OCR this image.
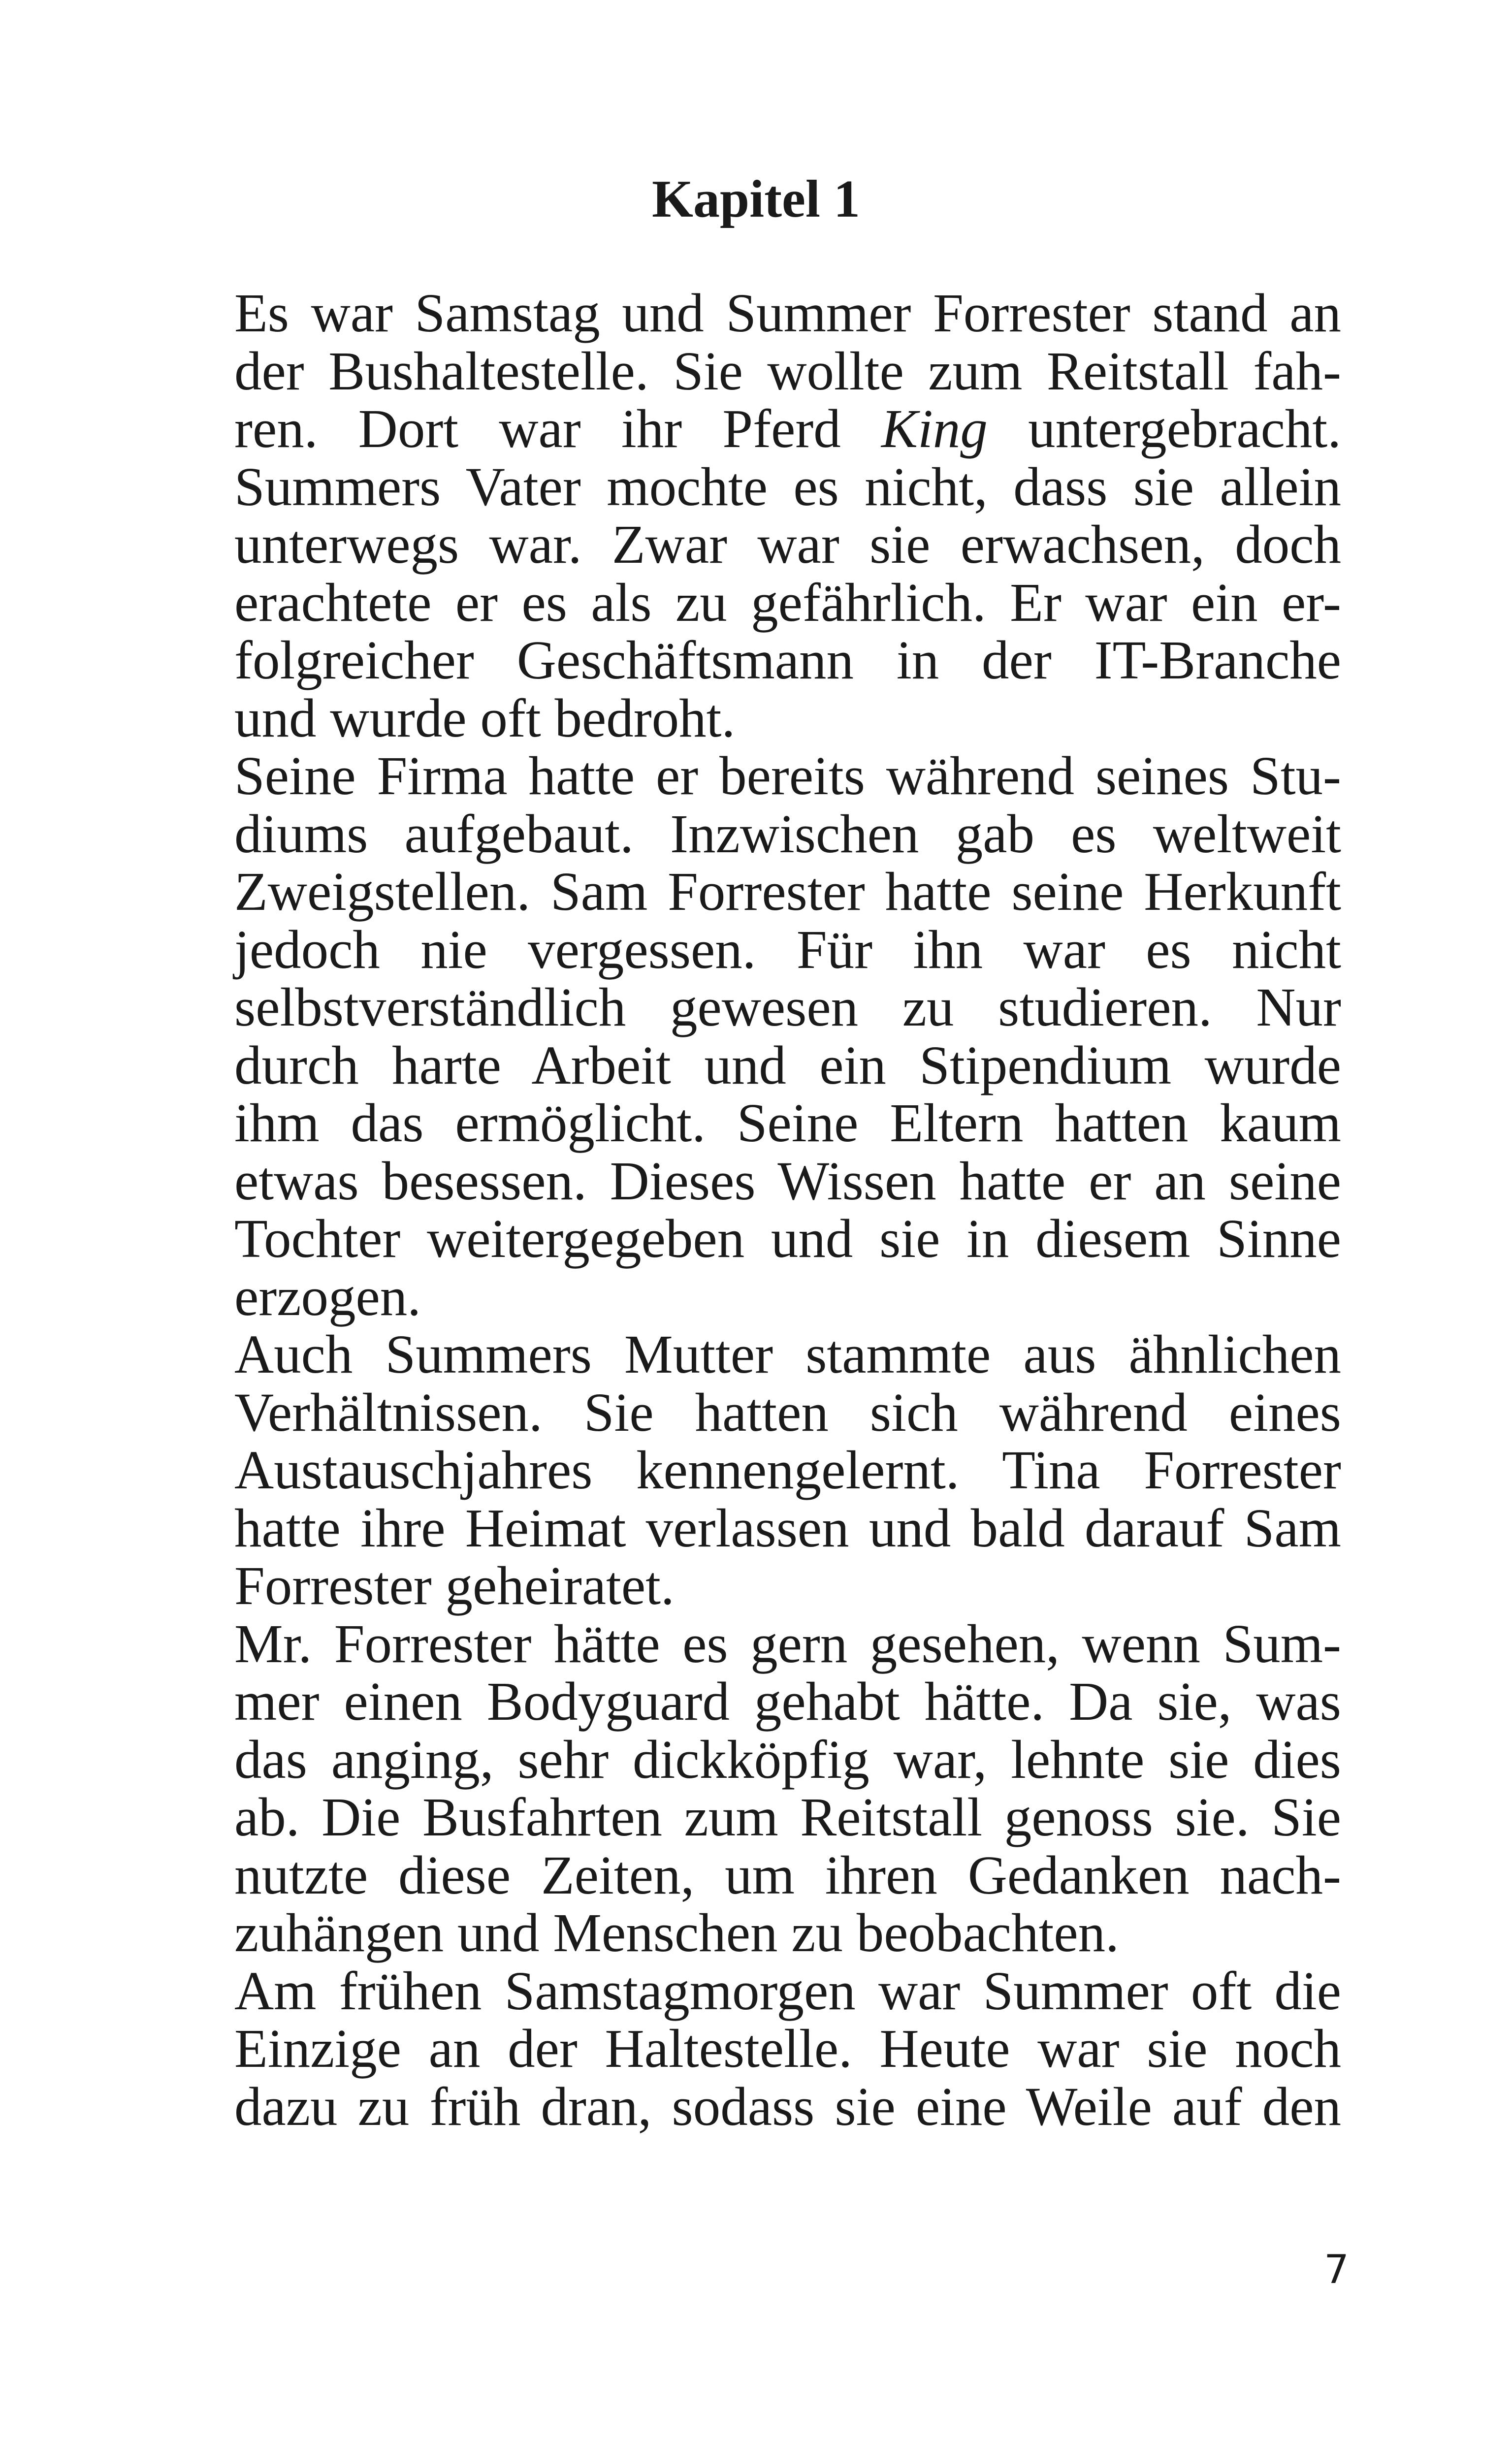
Kapitel 1
Es war Samstag und Summer Forrester stand an
der Bushaltestelle. Sie wollte zum Reitstall fah-
ren. Dort war ihr Pferd King untergebracht.
Summers Vater mochte es nicht, dass sie allein
unterwegs war. Zwar war sie erwachsen, doch
erachtete er es als zu gefährlich. Er war ein er-
folgreicher Geschäftsmann in der IT-Branche
und wurde oft bedroht.
Seine Firma hatte er bereits während seines Stu-
diums aufgebaut. Inzwischen gab es weltweit
Zweigstellen. Sam Forrester hatte seine Herkunft
jedoch nie vergessen. Für ihn war es nicht
selbstverständlich gewesen zu studieren. Nur
durch harte Arbeit und ein Stipendium wurde
ihm das ermöglicht. Seine Eltern hatten kaum
etwas besessen. Dieses Wissen hatte er an seine
Tochter weitergegeben und sie in diesem Sinne
erzogen.
Auch Summers Mutter stammte aus ähnlichen
Verhältnissen. Sie hatten sich während eines
Austauschjahres kennengelernt. Tina Forrester
hatte ihre Heimat verlassen und bald darauf Sam
Forrester geheiratet.
Mr. Forrester hätte es gern gesehen, wenn Sum-
mer einen Bodyguard gehabt hätte. Da sie, was
das anging, sehr dickköpfig war, lehnte sie dies
ab. Die Busfahrten zum Reitstall genoss sie. Sie
nutzte diese Zeiten, um ihren Gedanken nach-
zuhängen und Menschen zu beobachten.
Am frühen Samstagmorgen war Summer oft die
Einzige an der Haltestelle. Heute war sie noch
dazu zu früh dran, sodass sie eine Weile auf den
7
